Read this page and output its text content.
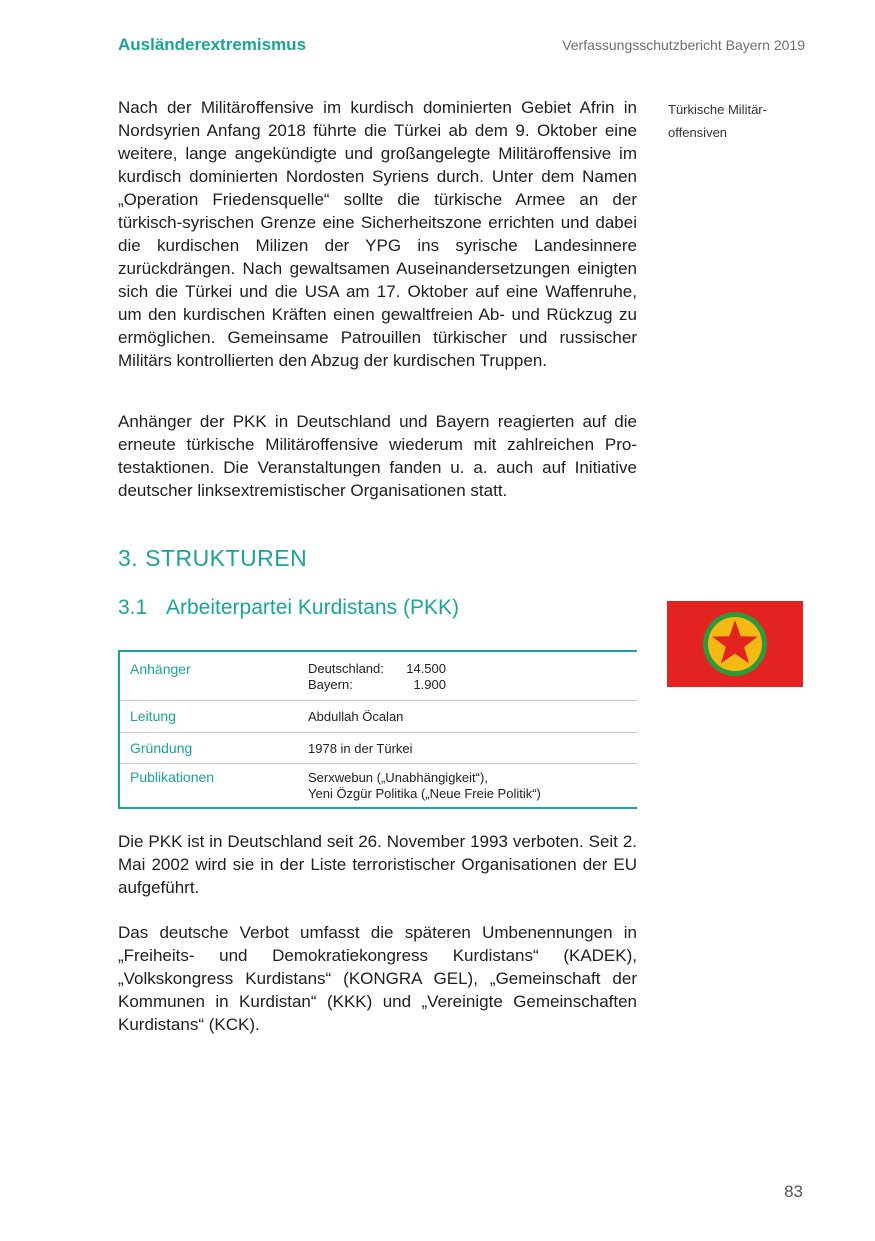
Ausländerextremismus	Verfassungsschutzbericht Bayern 2019

Nach der Militäroffensive im kurdisch dominierten Gebiet Afrin in Nordsyrien Anfang 2018 führte die Türkei ab dem 9. Oktober eine weitere, lange angekündigte und großangelegte Militäroffensive im kurdisch dominierten Nordosten Syriens durch. Unter dem Namen „Operation Friedensquelle“ sollte die türkische Armee an der türkisch-syrischen Grenze eine Sicherheitszone errichten und dabei die kurdischen Milizen der YPG ins syrische Landesinnere zurückdrängen. Nach gewaltsamen Auseinandersetzungen einigten sich die Türkei und die USA am 17. Oktober auf eine Waffenruhe, um den kurdischen Kräften einen gewaltfreien Ab- und Rückzug zu ermöglichen. Gemeinsame Patrouillen türkischer und russischer Militärs kontrollierten den Abzug der kurdischen Truppen.

Türkische Militär-
offensiven

Anhänger der PKK in Deutschland und Bayern reagierten auf die erneute türkische Militäroffensive wiederum mit zahlreichen Protestaktionen. Die Veranstaltungen fanden u. a. auch auf Initiative deutscher linksextremistischer Organisationen statt.

3. STRUKTUREN
3.1 Arbeiterpartei Kurdistans (PKK)
Anhänger	Deutschland: 14.500
Bayern:	1.900
Leitung	Abdullah Öcalan
Gründung	1978 in der Türkei
Publikationen	Serxwebun („Unabhängigkeit“),
Yeni Özgür Politika („Neue Freie Politik“)

Die PKK ist in Deutschland seit 26. November 1993 verboten. Seit 2. Mai 2002 wird sie in der Liste terroristischer Organisationen der EU aufgeführt.

Das deutsche Verbot umfasst die späteren Umbenennungen in „Freiheits- und Demokratiekongress Kurdistans“ (KADEK), „Volkskongress Kurdistans“ (KONGRA GEL), „Gemeinschaft der Kommunen in Kurdistan“ (KKK) und „Vereinigte Gemeinschaften Kurdistans“ (KCK).

83
